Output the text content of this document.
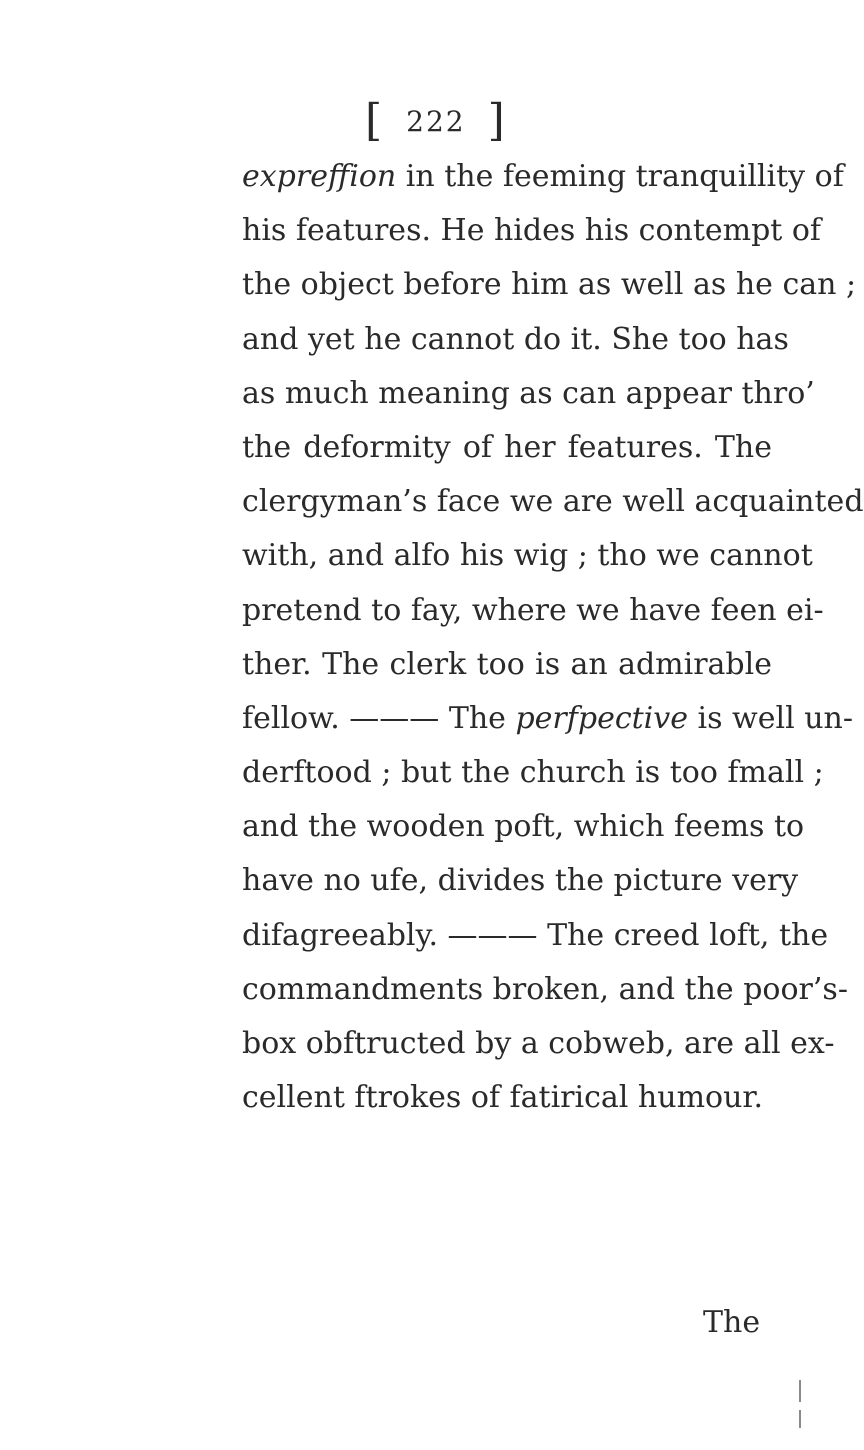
[ 222 ]
expreffion in the feeming tranquillity of
his features. He hides his contempt of
the object before him as well as he can ;
and yet he cannot do it. She too has
as much meaning as can appear thro’
the deformity of her features. The
clergyman’s face we are well acquainted
with, and alfo his wig ; tho we cannot
pretend to fay, where we have feen ei-
ther. The clerk too is an admirable
fellow. ——— The perfpective is well un-
derftood ; but the church is too fmall ;
and the wooden poft, which feems to
have no ufe, divides the picture very
difagreeably. ——— The creed loft, the
commandments broken, and the poor’s-
box obftructed by a cobweb, are all ex-
cellent ftrokes of fatirical humour.
The
